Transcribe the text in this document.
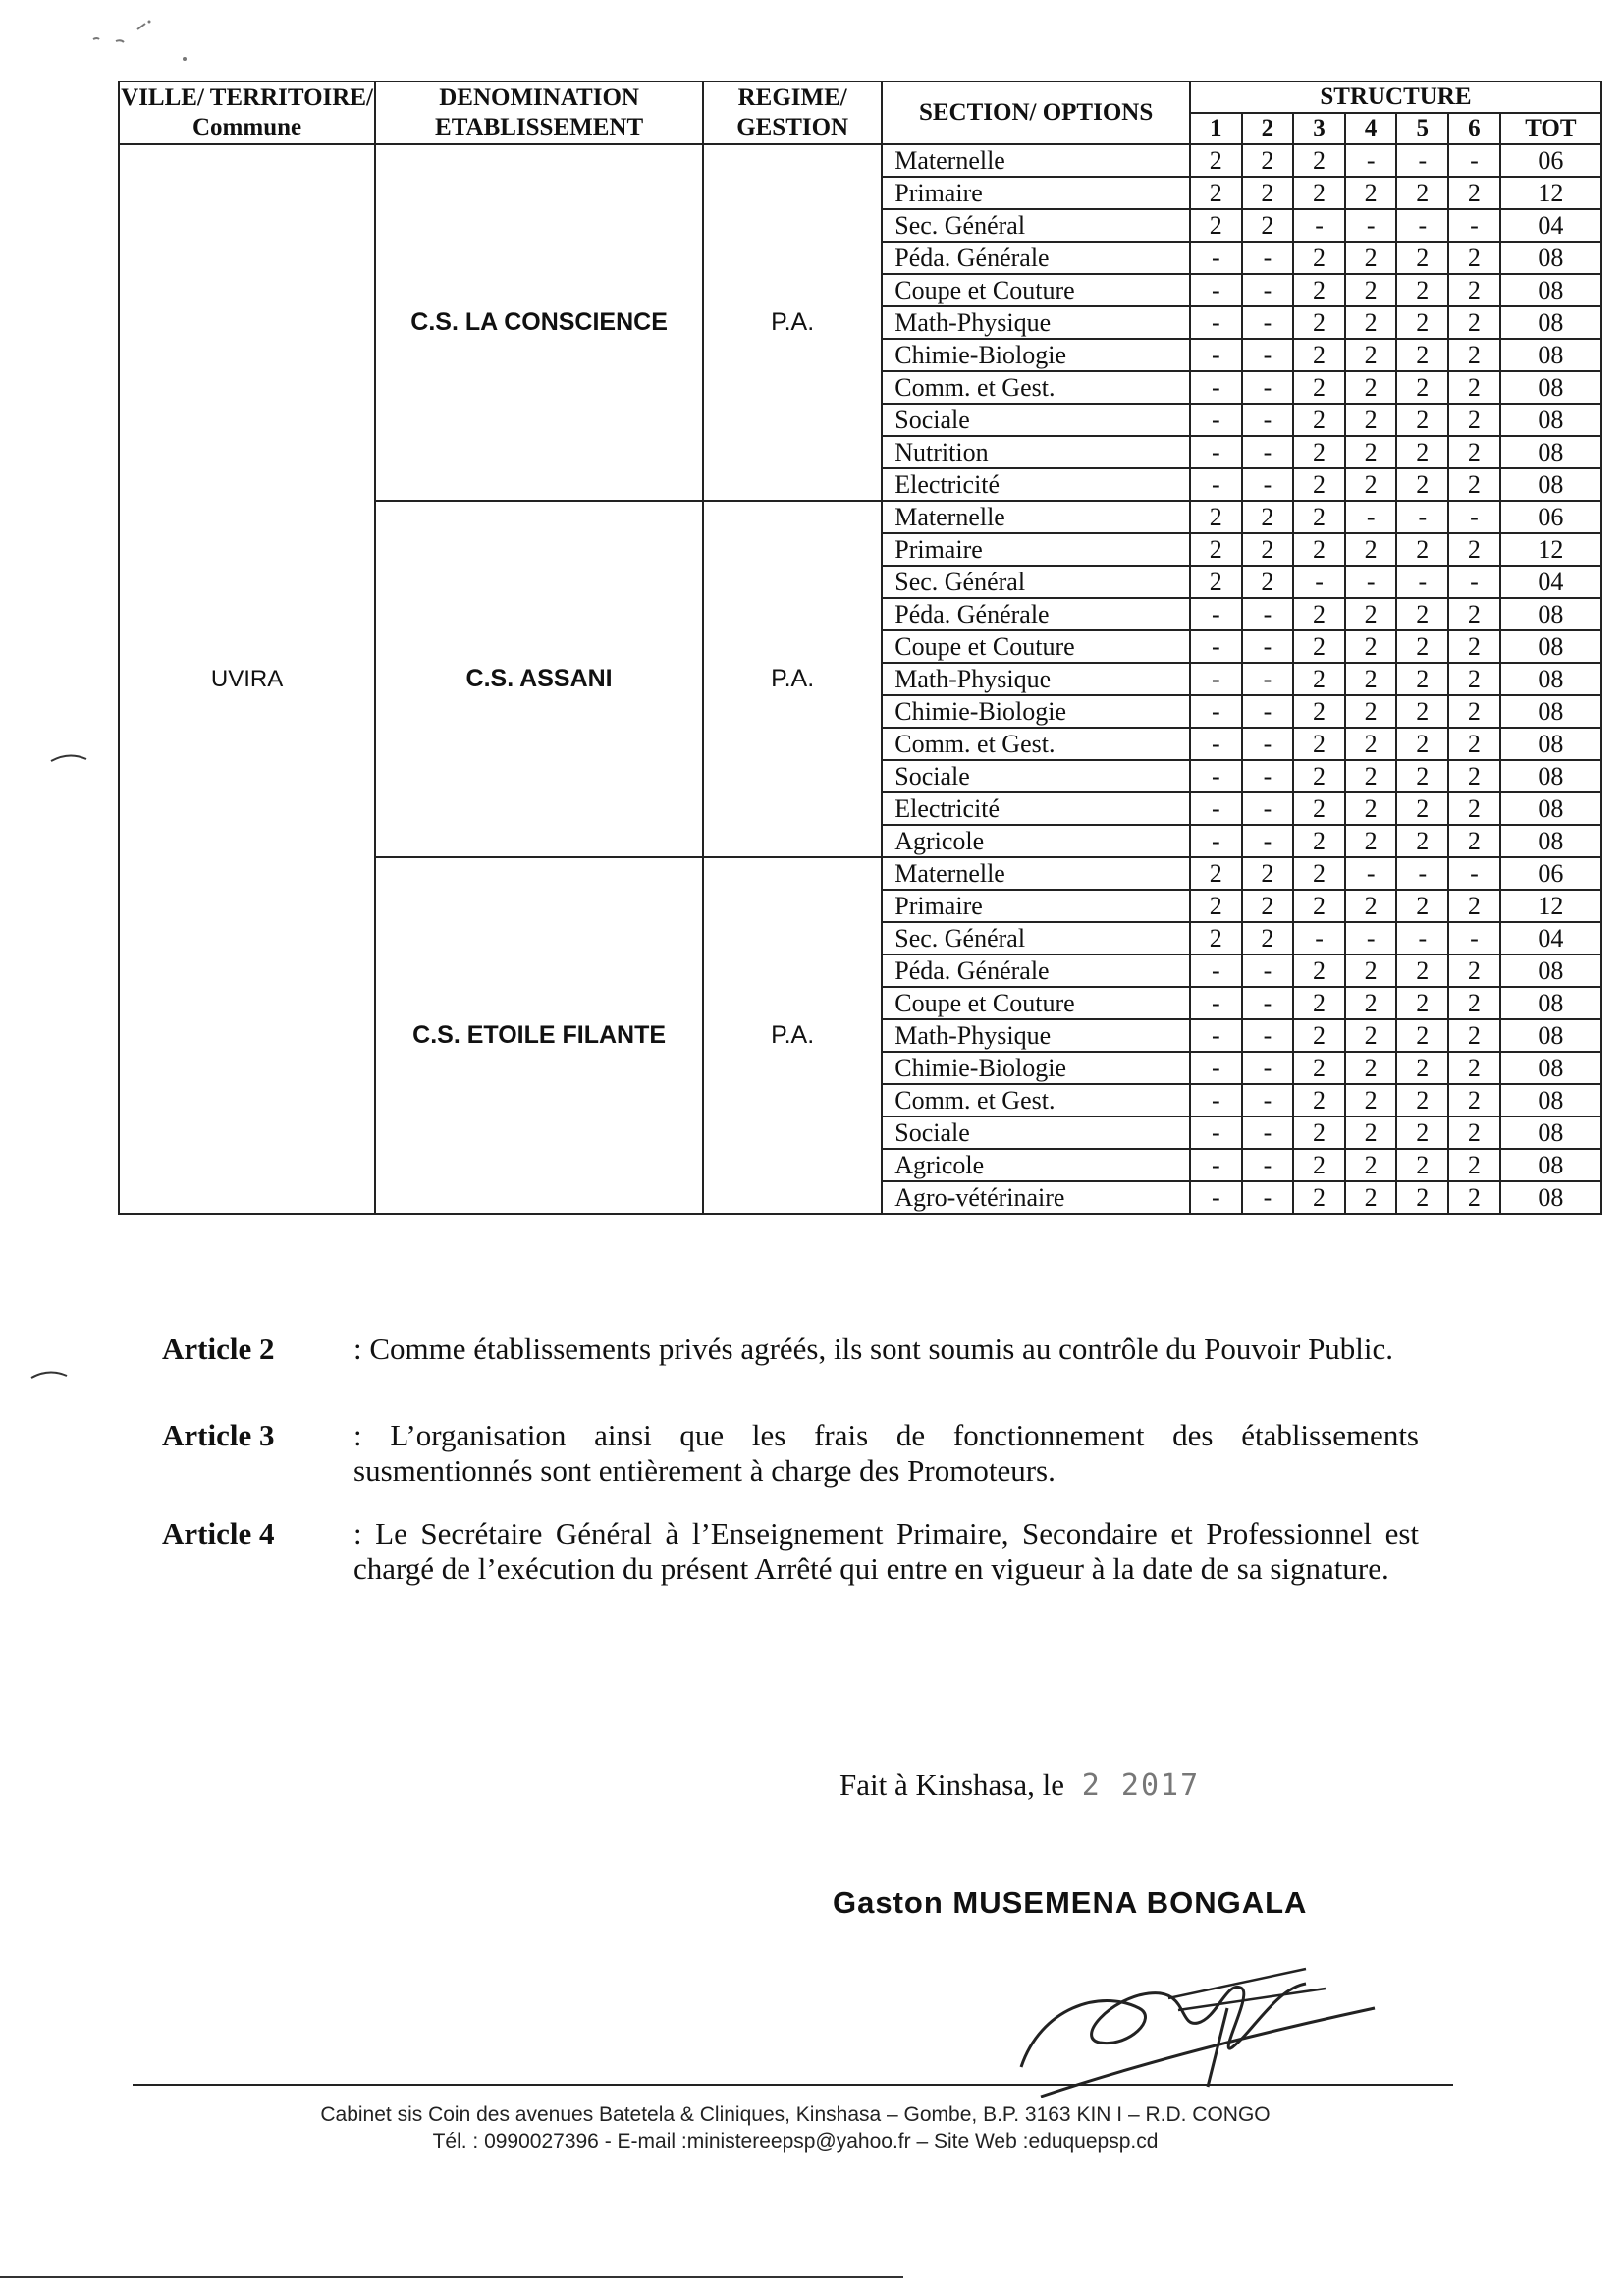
VILLE/ TERRITOIRE/ Commune	DENOMINATION ETABLISSEMENT	REGIME/ GESTION	SECTION/ OPTIONS	STRUCTURE						
				1	2	3	4	5	6	TOT
UVIRA	C.S. LA CONSCIENCE	P.A.	Maternelle	2	2	2	-	-	-	06
			Primaire	2	2	2	2	2	2	12
			Sec. Général	2	2	-	-	-	-	04
			Péda. Générale	-	-	2	2	2	2	08
			Coupe et Couture	-	-	2	2	2	2	08
			Math-Physique	-	-	2	2	2	2	08
			Chimie-Biologie	-	-	2	2	2	2	08
			Comm. et Gest.	-	-	2	2	2	2	08
			Sociale	-	-	2	2	2	2	08
			Nutrition	-	-	2	2	2	2	08
			Electricité	-	-	2	2	2	2	08
	C.S. ASSANI	P.A.	Maternelle	2	2	2	-	-	-	06
			Primaire	2	2	2	2	2	2	12
			Sec. Général	2	2	-	-	-	-	04
			Péda. Générale	-	-	2	2	2	2	08
			Coupe et Couture	-	-	2	2	2	2	08
			Math-Physique	-	-	2	2	2	2	08
			Chimie-Biologie	-	-	2	2	2	2	08
			Comm. et Gest.	-	-	2	2	2	2	08
			Sociale	-	-	2	2	2	2	08
			Electricité	-	-	2	2	2	2	08
			Agricole	-	-	2	2	2	2	08
	C.S. ETOILE FILANTE	P.A.	Maternelle	2	2	2	-	-	-	06
			Primaire	2	2	2	2	2	2	12
			Sec. Général	2	2	-	-	-	-	04
			Péda. Générale	-	-	2	2	2	2	08
			Coupe et Couture	-	-	2	2	2	2	08
			Math-Physique	-	-	2	2	2	2	08
			Chimie-Biologie	-	-	2	2	2	2	08
			Comm. et Gest.	-	-	2	2	2	2	08
			Sociale	-	-	2	2	2	2	08
			Agricole	-	-	2	2	2	2	08
			Agro-vétérinaire	-	-	2	2	2	2	08
Article 2	: Comme établissements privés agréés, ils sont soumis au contrôle du Pouvoir Public.
Article 3	: L’organisation ainsi que les frais de fonctionnement des établissements susmentionnés sont entièrement à charge des Promoteurs.
Article 4	: Le Secrétaire Général à l’Enseignement Primaire, Secondaire et Professionnel est chargé de l’exécution du présent Arrêté qui entre en vigueur à la date de sa signature.
Fait à Kinshasa, le 2 2017
Gaston MUSEMENA BONGALA
Cabinet sis Coin des avenues Batetela & Cliniques, Kinshasa – Gombe, B.P. 3163 KIN I – R.D. CONGO
Tél. : 0990027396 - E-mail :ministereepsp@yahoo.fr – Site Web :eduquepsp.cd
